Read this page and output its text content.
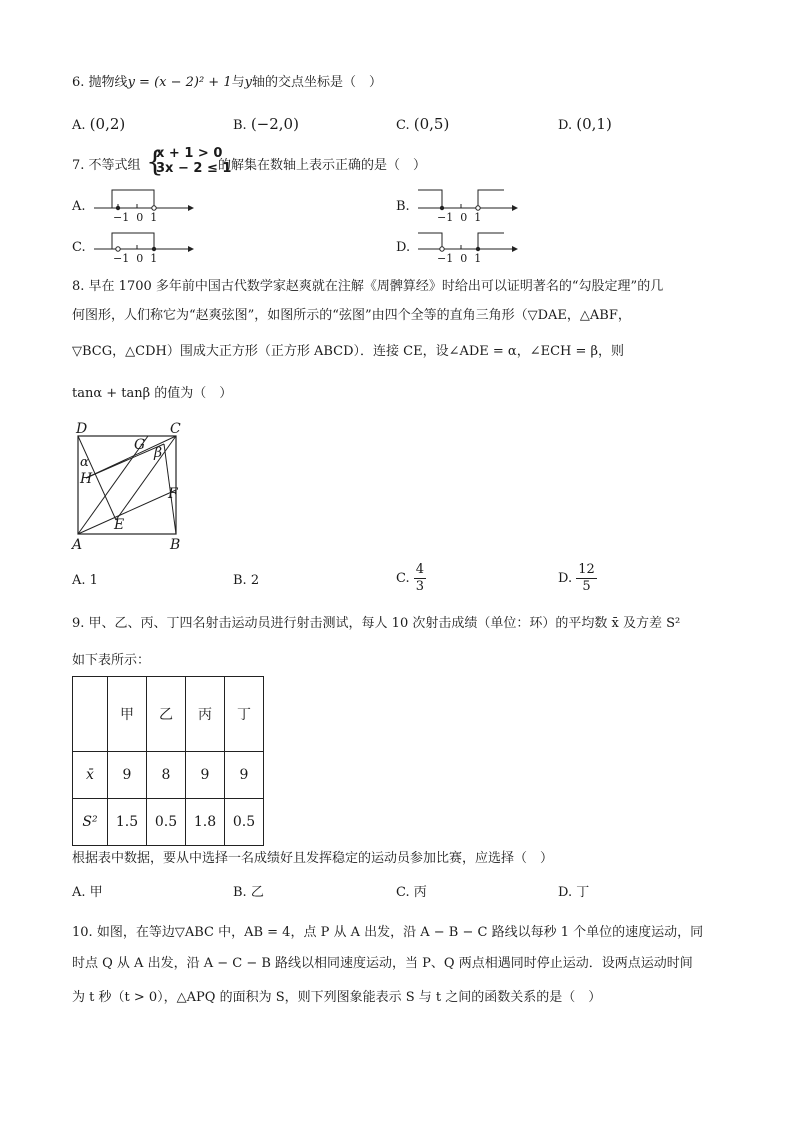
6. 抛物线y = (x − 2)² + 1与y轴的交点坐标是（　）
A. (0,2)	B. (−2,0)	C. (0,5)	D. (0,1)
7. 不等式组 {
x + 1 > 0
3x − 2 ≤ 1
的解集在数轴上表示正确的是（　）
A.
−1 0 1
B.
−1 0 1
C.
−1 0 1
D.
−1 0 1
8. 早在 1700 多年前中国古代数学家赵爽就在注解《周髀算经》时给出可以证明著名的“勾股定理”的几
何图形，人们称它为“赵爽弦图”，如图所示的“弦图”由四个全等的直角三角形（▽DAE，△ABF，
▽BCG，△CDH）围成大正方形（正方形 ABCD）．连接 CE，设∠ADE = α，∠ECH = β，则
tanα + tanβ 的值为（　）
D	C
G β
α
H
F
E
A	B
A. 1	B. 2	C. $\frac{4}{3}$	D. $\frac{12}{5}$
9. 甲、乙、丙、丁四名射击运动员进行射击测试，每人 10 次射击成绩（单位：环）的平均数 x̄ 及方差 S²
如下表所示：
	甲	乙	丙	丁
x̄	9	8	9	9
S²	1.5	0.5	1.8	0.5
根据表中数据，要从中选择一名成绩好且发挥稳定的运动员参加比赛，应选择（　）
A. 甲	B. 乙	C. 丙	D. 丁
10. 如图，在等边▽ABC 中，AB = 4，点 P 从 A 出发，沿 A − B − C 路线以每秒 1 个单位的速度运动，同
时点 Q 从 A 出发，沿 A − C − B 路线以相同速度运动，当 P、Q 两点相遇同时停止运动．设两点运动时间
为 t 秒（t > 0），△APQ 的面积为 S，则下列图象能表示 S 与 t 之间的函数关系的是（　）
